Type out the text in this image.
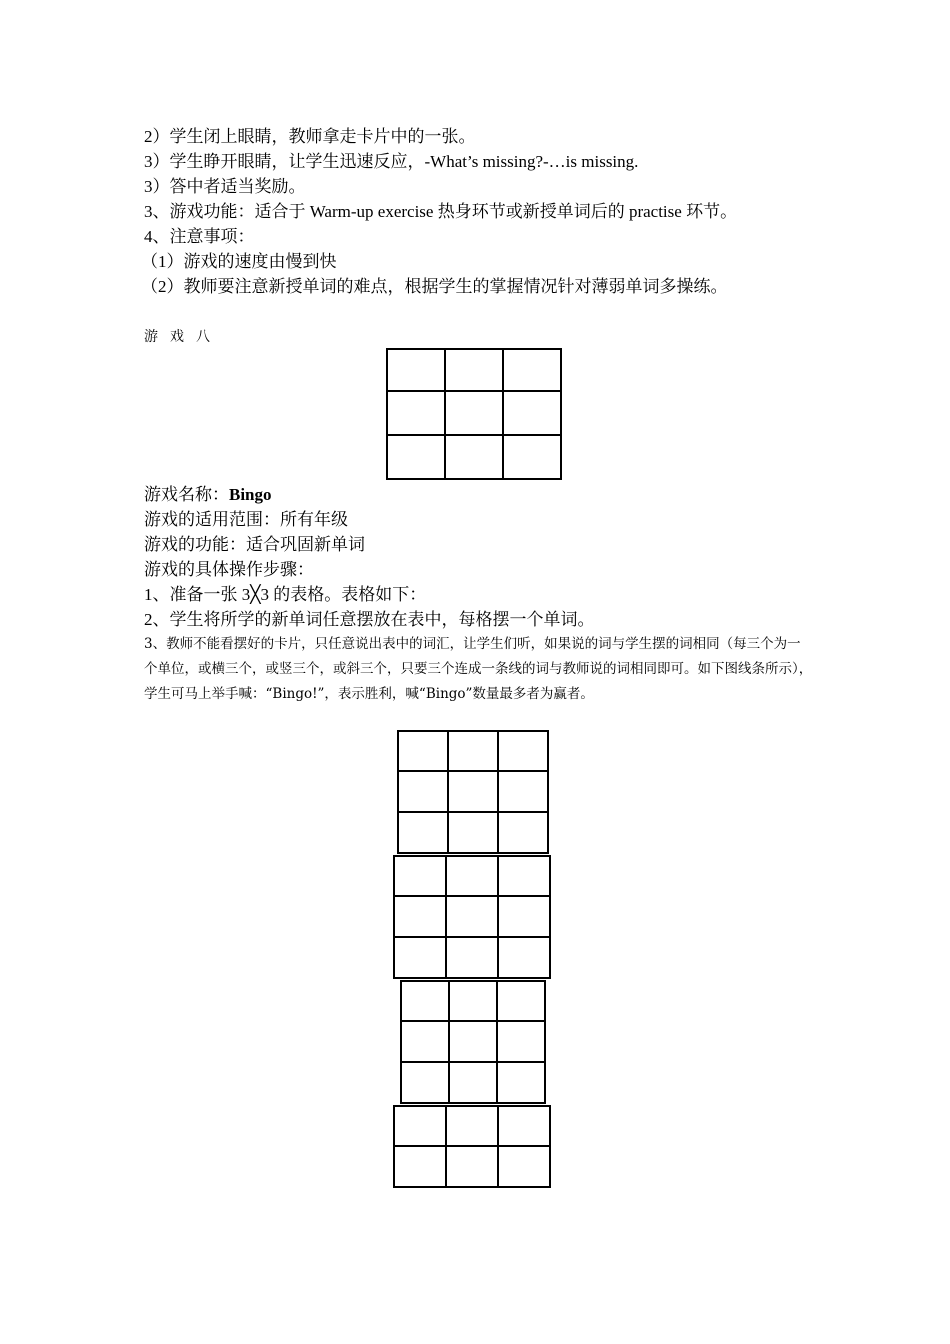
2）学生闭上眼睛，教师拿走卡片中的一张。
3）学生睁开眼睛，让学生迅速反应，-What’s missing?-…is missing.
3）答中者适当奖励。
3、游戏功能：适合于 Warm-up exercise 热身环节或新授单词后的 practise 环节。
4、注意事项：
（1）游戏的速度由慢到快
（2）教师要注意新授单词的难点，根据学生的掌握情况针对薄弱单词多操练。
游戏八

游戏名称：Bingo
游戏的适用范围：所有年级
游戏的功能：适合巩固新单词
游戏的具体操作步骤：
1、准备一张 3╳3 的表格。表格如下：
2、学生将所学的新单词任意摆放在表中，每格摆一个单词。
3、教师不能看摆好的卡片，只任意说出表中的词汇，让学生们听，如果说的词与学生摆的词相同（每三个为一个单位，或横三个，或竖三个，或斜三个，只要三个连成一条线的词与教师说的词相同即可。如下图线条所示），学生可马上举手喊：“Bingo!”，表示胜利，喊“Bingo”数量最多者为赢者。
